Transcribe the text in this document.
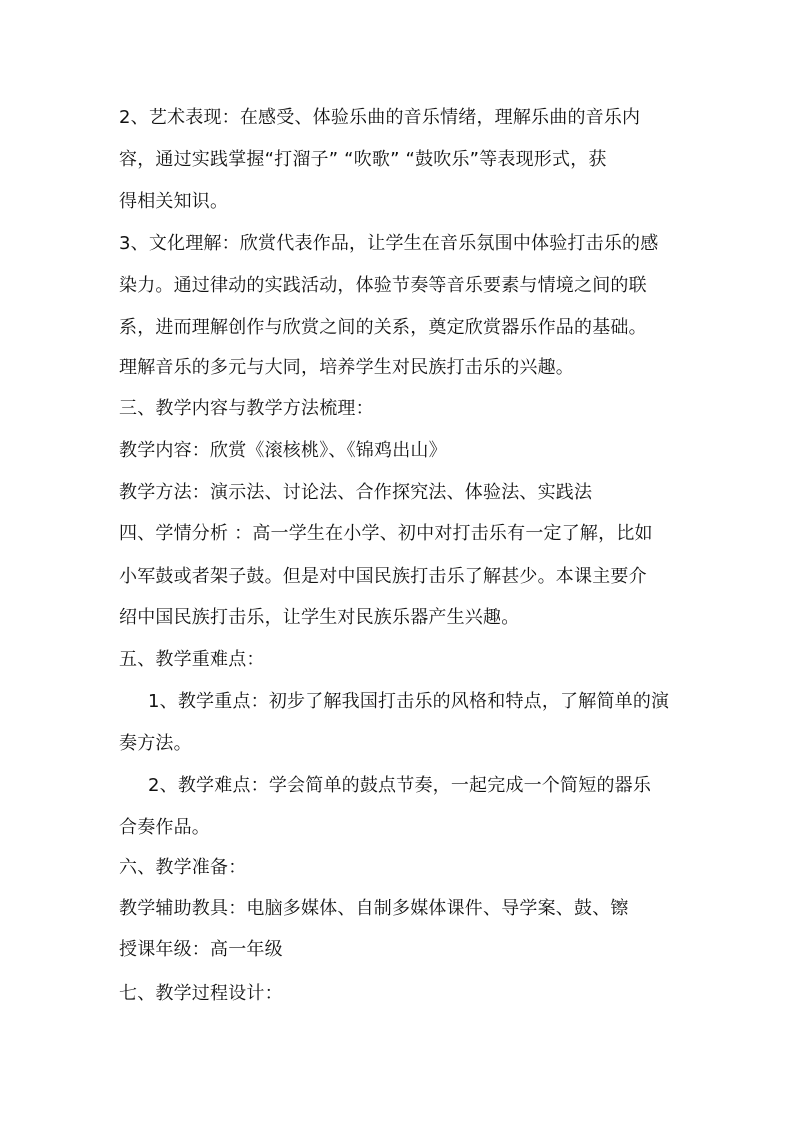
2、艺术表现：在感受、体验乐曲的音乐情绪，理解乐曲的音乐内
容，通过实践掌握“打溜子” “吹歌” “鼓吹乐”等表现形式，获
得相关知识。
3、文化理解：欣赏代表作品，让学生在音乐氛围中体验打击乐的感
染力。通过律动的实践活动，体验节奏等音乐要素与情境之间的联
系，进而理解创作与欣赏之间的关系，奠定欣赏器乐作品的基础。
理解音乐的多元与大同，培养学生对民族打击乐的兴趣。
三、教学内容与教学方法梳理：
教学内容：欣赏《滚核桃》、《锦鸡出山》
教学方法：演示法、讨论法、合作探究法、体验法、实践法
四、学情分析 ：高一学生在小学、初中对打击乐有一定了解，比如
小军鼓或者架子鼓。但是对中国民族打击乐了解甚少。本课主要介
绍中国民族打击乐，让学生对民族乐器产生兴趣。
五、教学重难点：
1、教学重点：初步了解我国打击乐的风格和特点，了解简单的演
奏方法。
2、教学难点：学会简单的鼓点节奏，一起完成一个简短的器乐
合奏作品。
六、教学准备：
教学辅助教具：电脑多媒体、自制多媒体课件、导学案、鼓、镲
授课年级：高一年级
七、教学过程设计：
